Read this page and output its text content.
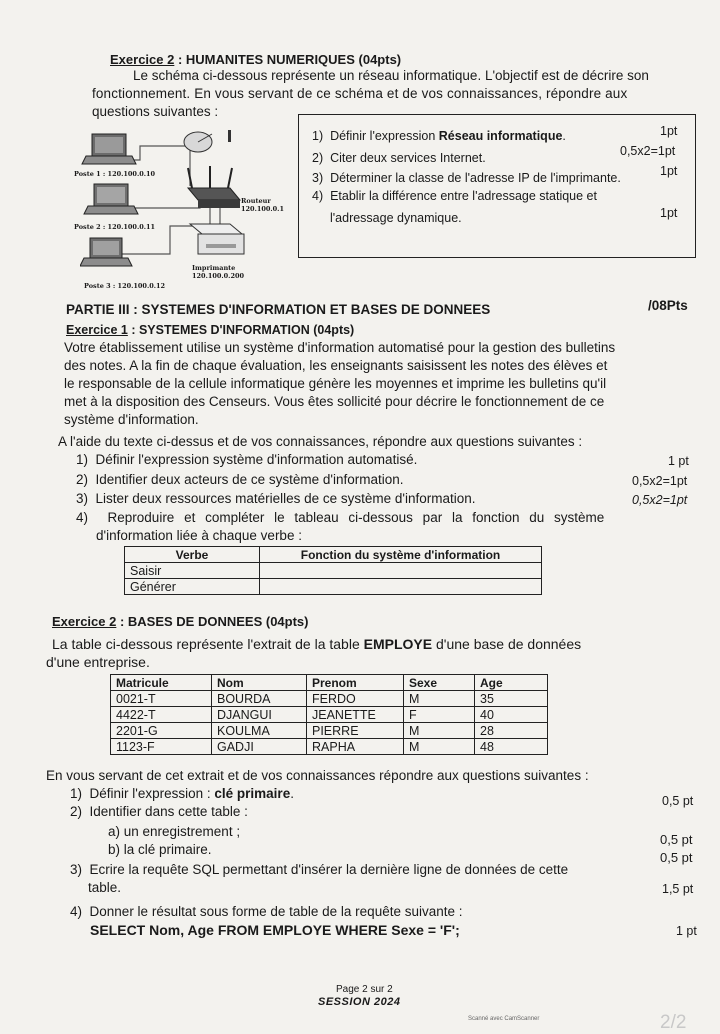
Exercice 2 : HUMANITES NUMERIQUES (04pts)
Le schéma ci-dessous représente un réseau informatique. L'objectif est de décrire son
fonctionnement. En vous servant de ce schéma et de vos connaissances, répondre aux
questions suivantes :
Poste 1 : 120.100.0.10
Poste 2 : 120.100.0.11
Poste 3 : 120.100.0.12
Routeur
120.100.0.1
Imprimante
120.100.0.200
1) Définir l'expression Réseau informatique.	1pt
2) Citer deux services Internet.	0,5x2=1pt
3) Déterminer la classe de l'adresse IP de l'imprimante.	1pt
4) Etablir la différence entre l'adressage statique et
l'adressage dynamique.	1pt
PARTIE III : SYSTEMES D'INFORMATION ET BASES DE DONNEES	/08Pts
Exercice 1 : SYSTEMES D'INFORMATION (04pts)
Votre établissement utilise un système d'information automatisé pour la gestion des bulletins
des notes. A la fin de chaque évaluation, les enseignants saisissent les notes des élèves et
le responsable de la cellule informatique génère les moyennes et imprime les bulletins qu'il
met à la disposition des Censeurs. Vous êtes sollicité pour décrire le fonctionnement de ce
système d'information.
A l'aide du texte ci-dessus et de vos connaissances, répondre aux questions suivantes :
1) Définir l'expression système d'information automatisé.	1 pt
2) Identifier deux acteurs de ce système d'information.	0,5x2=1pt
3) Lister deux ressources matérielles de ce système d'information.	0,5x2=1pt
4) Reproduire et compléter le tableau ci-dessous par la fonction du système
d'information liée à chaque verbe :
Verbe	Fonction du système d'information
Saisir	
Générer	
Exercice 2 : BASES DE DONNEES (04pts)
La table ci-dessous représente l'extrait de la table EMPLOYE d'une base de données
d'une entreprise.
Matricule	Nom	Prenom	Sexe	Age
0021-T	BOURDA	FERDO	M	35
4422-T	DJANGUI	JEANETTE	F	40
2201-G	KOULMA	PIERRE	M	28
1123-F	GADJI	RAPHA	M	48
En vous servant de cet extrait et de vos connaissances répondre aux questions suivantes :
1) Définir l'expression : clé primaire.	0,5 pt
2) Identifier dans cette table :
a) un enregistrement ;
0,5 pt
b) la clé primaire.
0,5 pt
3) Ecrire la requête SQL permettant d'insérer la dernière ligne de données de cette
table.	1,5 pt
4) Donner le résultat sous forme de table de la requête suivante :
SELECT Nom, Age FROM EMPLOYE WHERE Sexe = 'F';	1 pt
Page 2 sur 2
SESSION 2024
Scanné avec CamScanner	2/2
